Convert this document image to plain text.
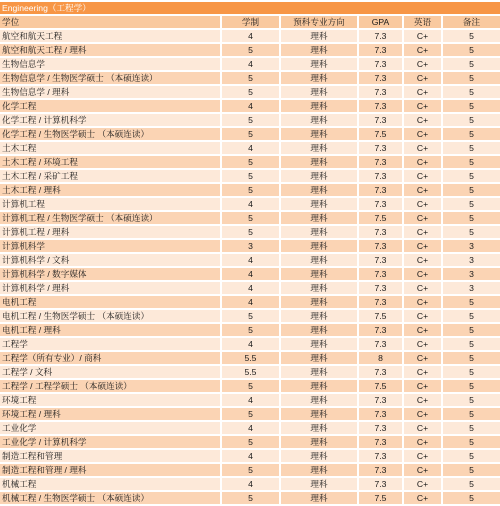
Engineering（工程学）					
学位	学制	预科专业方向	GPA	英语	备注
航空和航天工程	4	理科	7.3	C+	5
航空和航天工程 / 理科	5	理科	7.3	C+	5
生物信息学	4	理科	7.3	C+	5
生物信息学 / 生物医学硕士 （本硕连读）	5	理科	7.3	C+	5
生物信息学 / 理科	5	理科	7.3	C+	5
化学工程	4	理科	7.3	C+	5
化学工程 / 计算机科学	5	理科	7.3	C+	5
化学工程 / 生物医学硕士 （本硕连读）	5	理科	7.5	C+	5
土木工程	4	理科	7.3	C+	5
土木工程 / 环境工程	5	理科	7.3	C+	5
土木工程 / 采矿工程	5	理科	7.3	C+	5
土木工程 / 理科	5	理科	7.3	C+	5
计算机工程	4	理科	7.3	C+	5
计算机工程 / 生物医学硕士 （本硕连读）	5	理科	7.5	C+	5
计算机工程 / 理科	5	理科	7.3	C+	5
计算机科学	3	理科	7.3	C+	3
计算机科学 / 文科	4	理科	7.3	C+	3
计算机科学 / 数字媒体	4	理科	7.3	C+	3
计算机科学 / 理科	4	理科	7.3	C+	3
电机工程	4	理科	7.3	C+	5
电机工程 / 生物医学硕士 （本硕连读）	5	理科	7.5	C+	5
电机工程 / 理科	5	理科	7.3	C+	5
工程学	4	理科	7.3	C+	5
工程学（所有专业）/ 商科	5.5	理科	8	C+	5
工程学 / 文科	5.5	理科	7.3	C+	5
工程学 / 工程学硕士 （本硕连读）	5	理科	7.5	C+	5
环境工程	4	理科	7.3	C+	5
环境工程 / 理科	5	理科	7.3	C+	5
工业化学	4	理科	7.3	C+	5
工业化学 / 计算机科学	5	理科	7.3	C+	5
制造工程和管理	4	理科	7.3	C+	5
制造工程和管理 / 理科	5	理科	7.3	C+	5
机械工程	4	理科	7.3	C+	5
机械工程 / 生物医学硕士 （本硕连读）	5	理科	7.5	C+	5
